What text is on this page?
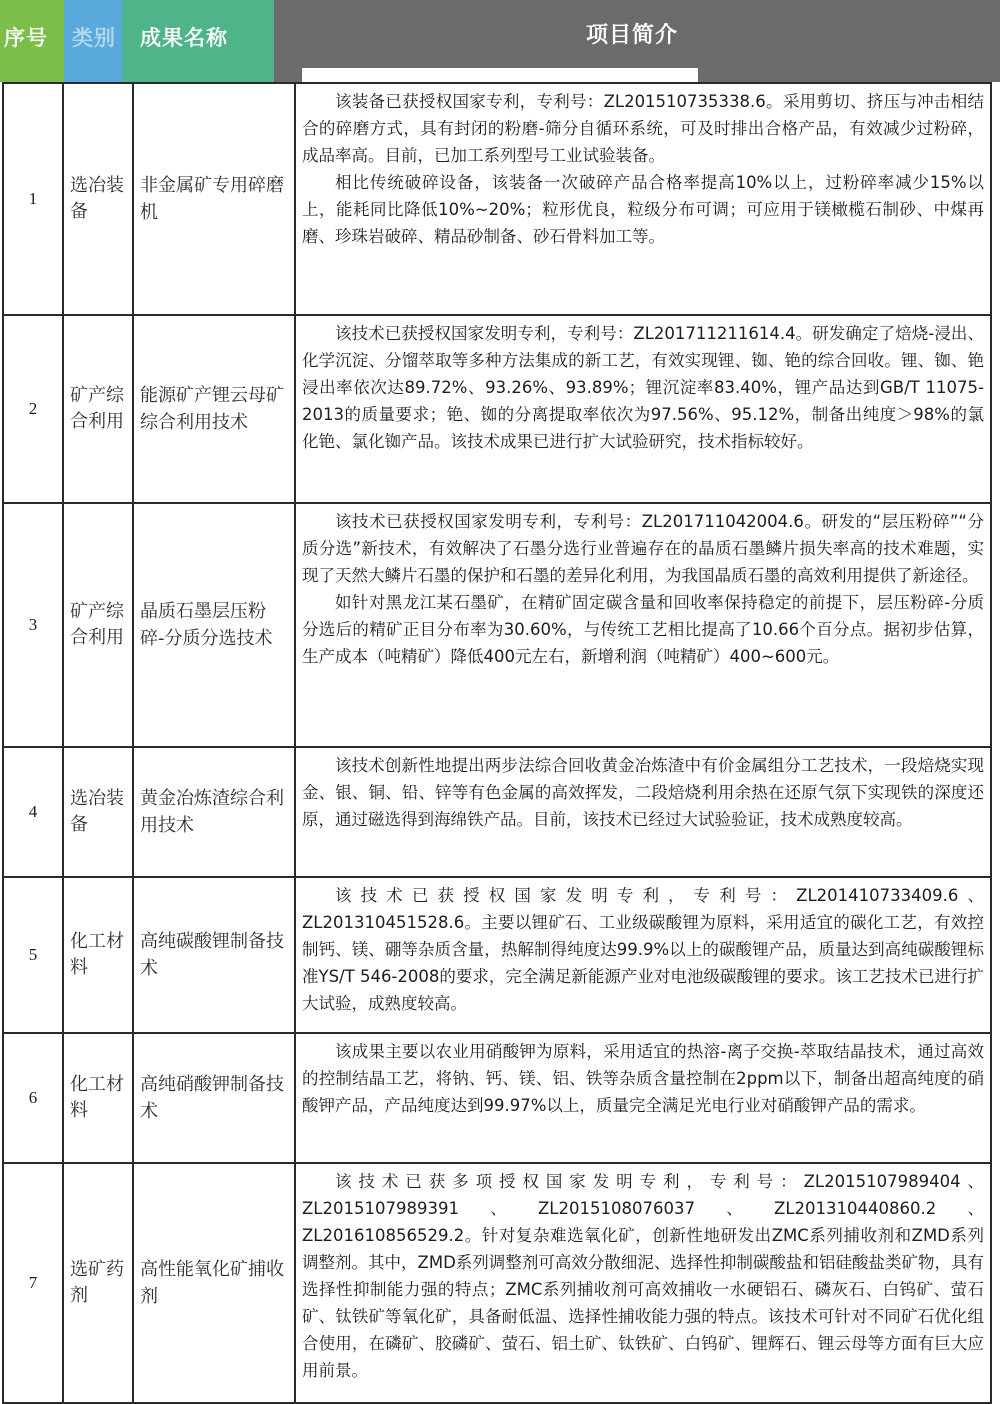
序号 类别 成果名称	项目简介
1	选冶装备	非金属矿专用碎磨机	该装备已获授权国家专利，专利号：ZL201510735338.6。采用剪切、挤压与冲击相结合的碎磨方式，具有封闭的粉磨-筛分自循环系统，可及时排出合格产品，有效减少过粉碎，成品率高。目前，已加工系列型号工业试验装备。

相比传统破碎设备，该装备一次破碎产品合格率提高10%以上，过粉碎率减少15%以上，能耗同比降低10%~20%；粒形优良，粒级分布可调；可应用于镁橄榄石制砂、中煤再磨、珍珠岩破碎、精品砂制备、砂石骨料加工等。

2	矿产综合利用	能源矿产锂云母矿综合利用技术	该技术已获授权国家发明专利，专利号：ZL201711211614.4。研发确定了焙烧-浸出、化学沉淀、分馏萃取等多种方法集成的新工艺，有效实现锂、铷、铯的综合回收。锂、铷、铯浸出率依次达89.72%、93.26%、93.89%；锂沉淀率83.40%，锂产品达到GB/T 11075-2013的质量要求；铯、铷的分离提取率依次为97.56%、95.12%，制备出纯度＞98%的氯化铯、氯化铷产品。该技术成果已进行扩大试验研究，技术指标较好。

3	矿产综合利用	晶质石墨层压粉碎-分质分选技术	该技术已获授权国家发明专利，专利号：ZL201711042004.6。研发的“层压粉碎”“分质分选”新技术，有效解决了石墨分选行业普遍存在的晶质石墨鳞片损失率高的技术难题，实现了天然大鳞片石墨的保护和石墨的差异化利用，为我国晶质石墨的高效利用提供了新途径。

如针对黑龙江某石墨矿，在精矿固定碳含量和回收率保持稳定的前提下，层压粉碎-分质分选后的精矿正目分布率为30.60%，与传统工艺相比提高了10.66个百分点。据初步估算，生产成本（吨精矿）降低400元左右，新增利润（吨精矿）400~600元。

4	选冶装备	黄金冶炼渣综合利用技术	该技术创新性地提出两步法综合回收黄金冶炼渣中有价金属组分工艺技术，一段焙烧实现金、银、铜、铅、锌等有色金属的高效挥发，二段焙烧利用余热在还原气氛下实现铁的深度还原，通过磁选得到海绵铁产品。目前，该技术已经过大试验验证，技术成熟度较高。

5	化工材料	高纯碳酸锂制备技术	该技术已获授权国家发明专利，专利号：ZL201410733409.6、ZL201310451528.6。主要以锂矿石、工业级碳酸锂为原料，采用适宜的碳化工艺，有效控制钙、镁、硼等杂质含量，热解制得纯度达99.9%以上的碳酸锂产品，质量达到高纯碳酸锂标准YS/T 546-2008的要求，完全满足新能源产业对电池级碳酸锂的要求。该工艺技术已进行扩大试验，成熟度较高。

6	化工材料	高纯硝酸钾制备技术	该成果主要以农业用硝酸钾为原料，采用适宜的热溶-离子交换-萃取结晶技术，通过高效的控制结晶工艺，将钠、钙、镁、铝、铁等杂质含量控制在2ppm以下，制备出超高纯度的硝酸钾产品，产品纯度达到99.97%以上，质量完全满足光电行业对硝酸钾产品的需求。

7	选矿药剂	高性能氧化矿捕收剂	该技术已获多项授权国家发明专利，专利号：ZL2015107989404、ZL2015107989391、ZL2015108076037、ZL201310440860.2、ZL201610856529.2。针对复杂难选氧化矿，创新性地研发出ZMC系列捕收剂和ZMD系列调整剂。其中，ZMD系列调整剂可高效分散细泥、选择性抑制碳酸盐和铝硅酸盐类矿物，具有选择性抑制能力强的特点；ZMC系列捕收剂可高效捕收一水硬铝石、磷灰石、白钨矿、萤石矿、钛铁矿等氧化矿，具备耐低温、选择性捕收能力强的特点。该技术可针对不同矿石优化组合使用，在磷矿、胶磷矿、萤石、铝土矿、钛铁矿、白钨矿、锂辉石、锂云母等方面有巨大应用前景。
